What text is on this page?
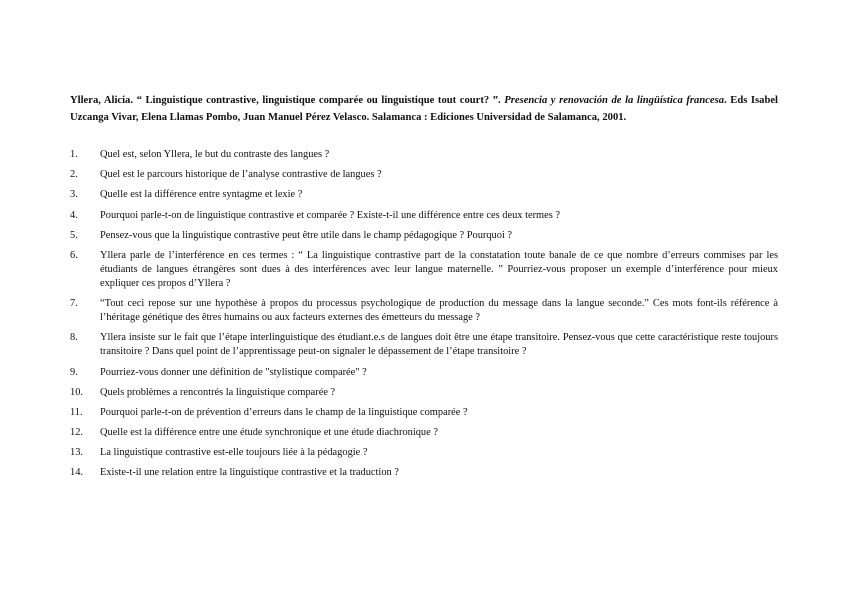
Yllera, Alicia. “ Linguistique contrastive, linguistique comparée ou linguistique tout court? ”. Presencia y renovación de la lingüística francesa. Eds Isabel Uzcanga Vivar, Elena Llamas Pombo, Juan Manuel Pérez Velasco. Salamanca : Ediciones Universidad de Salamanca, 2001.

1.	Quel est, selon Yllera, le but du contraste des langues ?
2.	Quel est le parcours historique de l’analyse contrastive de langues ?
3.	Quelle est la différence entre syntagme et lexie ?
4.	Pourquoi parle-t-on de linguistique contrastive et comparée ? Existe-t-il une différence entre ces deux termes ?
5.	Pensez-vous que la linguistique contrastive peut être utile dans le champ pédagogique ? Pourquoi ?
6.	Yllera parle de l’interférence en ces termes : “ La linguistique contrastive part de la constatation toute banale de ce que nombre d’erreurs commises par les étudiants de langues étrangères sont dues à des interférences avec leur langue maternelle. ” Pourriez-vous proposer un exemple d’interférence pour mieux expliquer ces propos d’Yllera ?
7.	“Tout ceci repose sur une hypothèse à propos du processus psychologique de production du message dans la langue seconde.” Ces mots font-ils référence à l’héritage génétique des êtres humains ou aux facteurs externes des émetteurs du message ?
8.	Yllera insiste sur le fait que l’étape interlinguistique des étudiant.e.s de langues doit être une étape transitoire. Pensez-vous que cette caractéristique reste toujours transitoire ? Dans quel point de l’apprentissage peut-on signaler le dépassement de l’étape transitoire ?
9.	Pourriez-vous donner une définition de "stylistique comparée" ?
10.	Quels problèmes a rencontrés la linguistique comparée ?
11.	Pourquoi parle-t-on de prévention d’erreurs dans le champ de la linguistique comparée ?
12.	Quelle est la différence entre une étude synchronique et une étude diachronique ?
13.	La linguistique contrastive est-elle toujours liée à la pédagogie ?
14.	Existe-t-il une relation entre la linguistique contrastive et la traduction ?
